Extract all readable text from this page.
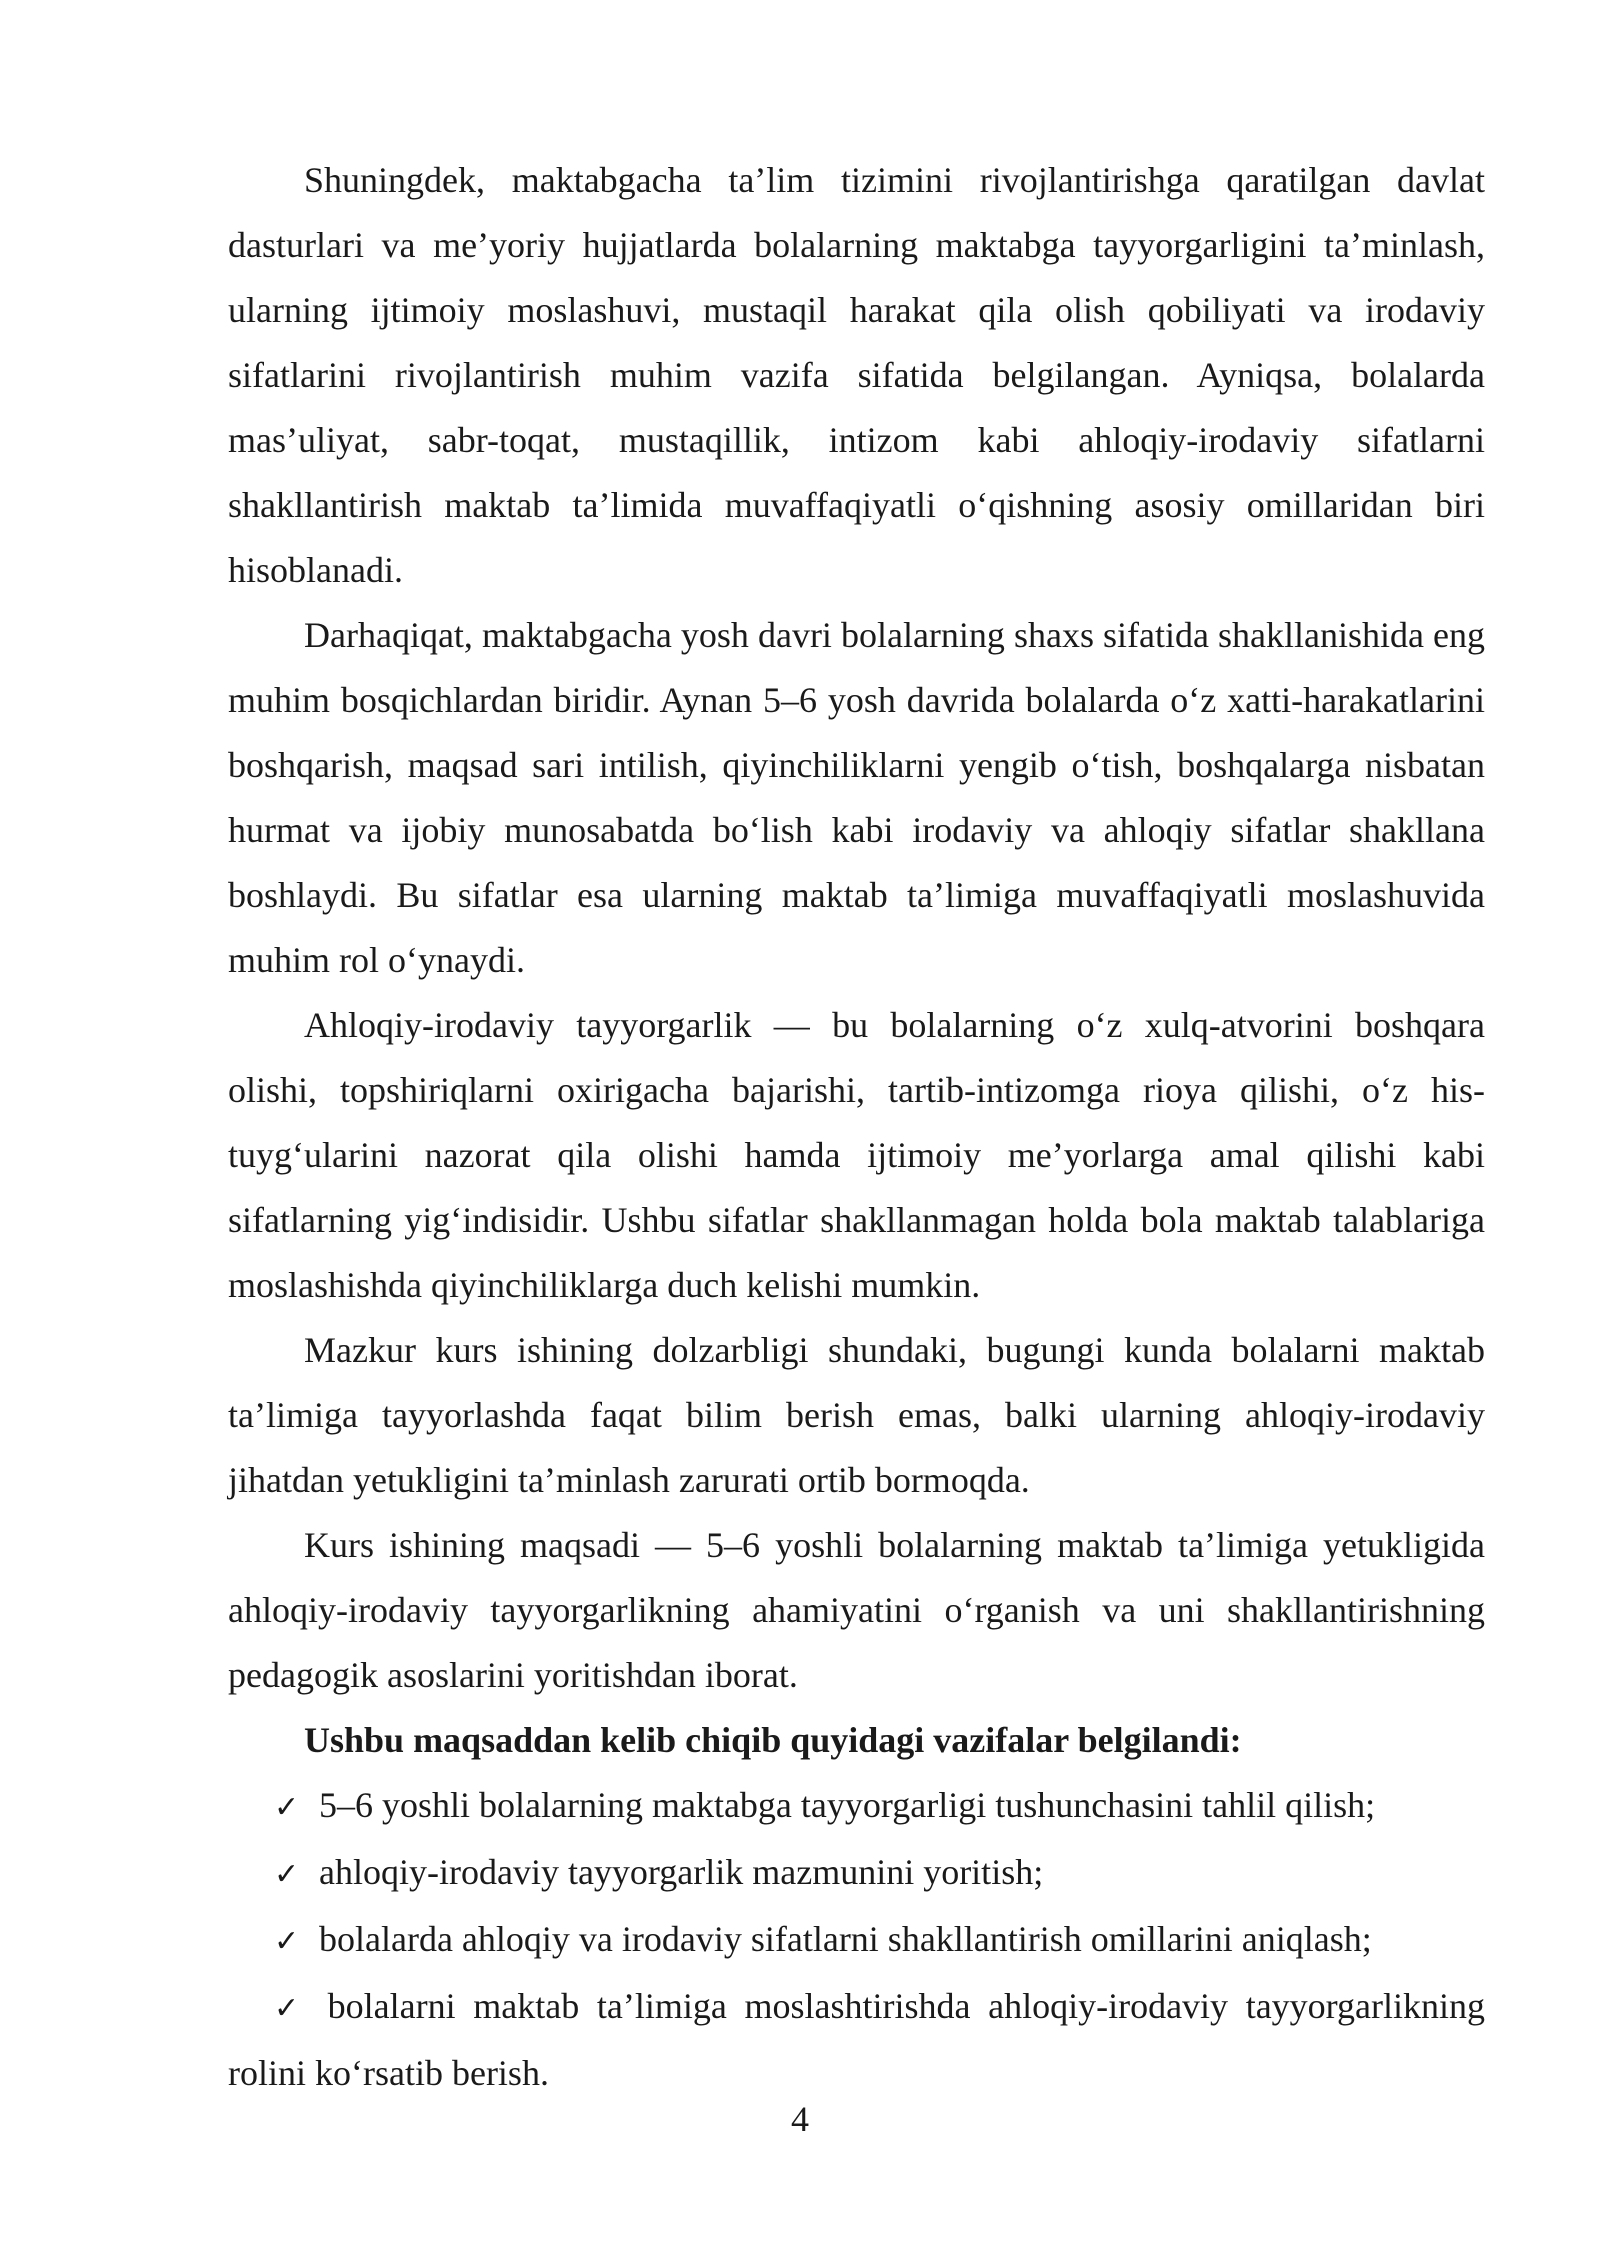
Shuningdek, maktabgacha ta’lim tizimini rivojlantirishga qaratilgan davlat dasturlari va me’yoriy hujjatlarda bolalarning maktabga tayyorgarligini ta’minlash, ularning ijtimoiy moslashuvi, mustaqil harakat qila olish qobiliyati va irodaviy sifatlarini rivojlantirish muhim vazifa sifatida belgilangan. Ayniqsa, bolalarda mas’uliyat, sabr-toqat, mustaqillik, intizom kabi ahloqiy-irodaviy sifatlarni shakllantirish maktab ta’limida muvaffaqiyatli o‘qishning asosiy omillaridan biri hisoblanadi.

Darhaqiqat, maktabgacha yosh davri bolalarning shaxs sifatida shakllanishida eng muhim bosqichlardan biridir. Aynan 5–6 yosh davrida bolalarda o‘z xatti-harakatlarini boshqarish, maqsad sari intilish, qiyinchiliklarni yengib o‘tish, boshqalarga nisbatan hurmat va ijobiy munosabatda bo‘lish kabi irodaviy va ahloqiy sifatlar shakllana boshlaydi. Bu sifatlar esa ularning maktab ta’limiga muvaffaqiyatli moslashuvida muhim rol o‘ynaydi.

Ahloqiy-irodaviy tayyorgarlik — bu bolalarning o‘z xulq-atvorini boshqara olishi, topshiriqlarni oxirigacha bajarishi, tartib-intizomga rioya qilishi, o‘z his-tuyg‘ularini nazorat qila olishi hamda ijtimoiy me’yorlarga amal qilishi kabi sifatlarning yig‘indisidir. Ushbu sifatlar shakllanmagan holda bola maktab talablariga moslashishda qiyinchiliklarga duch kelishi mumkin.

Mazkur kurs ishining dolzarbligi shundaki, bugungi kunda bolalarni maktab ta’limiga tayyorlashda faqat bilim berish emas, balki ularning ahloqiy-irodaviy jihatdan yetukligini ta’minlash zarurati ortib bormoqda.

Kurs ishining maqsadi — 5–6 yoshli bolalarning maktab ta’limiga yetukligida ahloqiy-irodaviy tayyorgarlikning ahamiyatini o‘rganish va uni shakllantirishning pedagogik asoslarini yoritishdan iborat.

Ushbu maqsaddan kelib chiqib quyidagi vazifalar belgilandi:

✓ 5–6 yoshli bolalarning maktabga tayyorgarligi tushunchasini tahlil qilish;
✓ ahloqiy-irodaviy tayyorgarlik mazmunini yoritish;
✓ bolalarda ahloqiy va irodaviy sifatlarni shakllantirish omillarini aniqlash;
✓ bolalarni maktab ta’limiga moslashtirishda ahloqiy-irodaviy tayyorgarlikning rolini ko‘rsatib berish.
4
